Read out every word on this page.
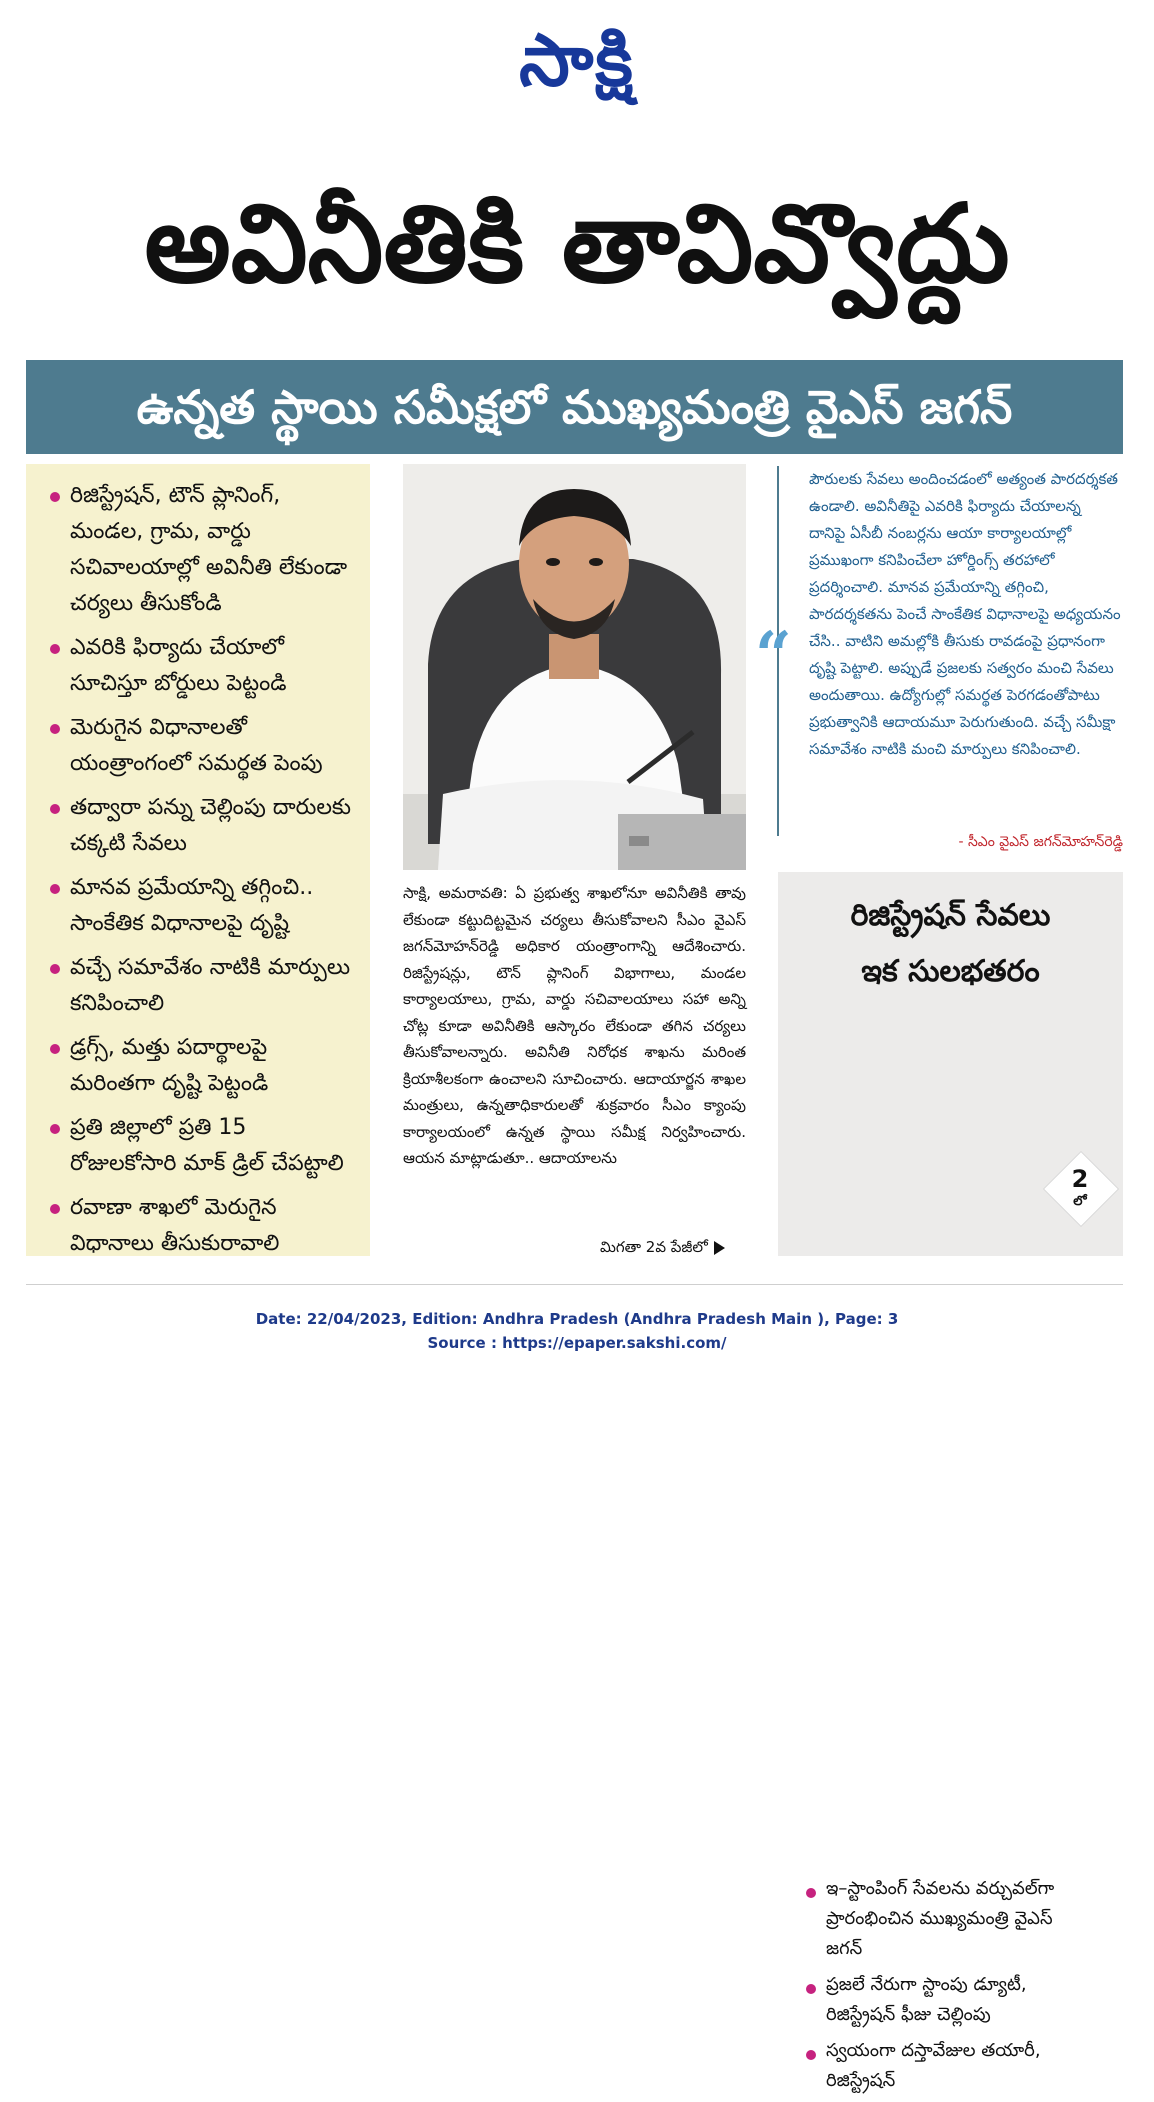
సాక్షి
అవినీతికి తావివ్వొద్దు
ఉన్నత స్థాయి సమీక్షలో ముఖ్యమంత్రి వైఎస్ జగన్
రిజిస్ట్రేషన్, టౌన్ ప్లానింగ్, మండల, గ్రామ, వార్డు సచివాలయాల్లో అవినీతి లేకుండా చర్యలు తీసుకోండి
ఎవరికి ఫిర్యాదు చేయాలో సూచిస్తూ బోర్డులు పెట్టండి
మెరుగైన విధానాలతో యంత్రాంగంలో సమర్థత పెంపు
తద్వారా పన్ను చెల్లింపు దారులకు చక్కటి సేవలు
మానవ ప్రమేయాన్ని తగ్గించి.. సాంకేతిక విధానాలపై దృష్టి
వచ్చే సమావేశం నాటికి మార్పులు కనిపించాలి
డ్రగ్స్, మత్తు పదార్థాలపై మరింతగా దృష్టి పెట్టండి
ప్రతి జిల్లాలో ప్రతి 15 రోజులకోసారి మాక్ డ్రిల్ చేపట్టాలి
రవాణా శాఖలో మెరుగైన విధానాలు తీసుకురావాలి
“

పౌరులకు సేవలు అందించడంలో అత్యంత పారదర్శకత ఉండాలి. అవినీతిపై ఎవరికి ఫిర్యాదు చేయాలన్న దానిపై ఏసీబీ నంబర్లను ఆయా కార్యాలయాల్లో ప్రముఖంగా కనిపించేలా హోర్డింగ్స్ తరహాలో ప్రదర్శించాలి. మానవ ప్రమేయాన్ని తగ్గించి, పారదర్శకతను పెంచే సాంకేతిక విధానాలపై అధ్యయనం చేసి.. వాటిని అమల్లోకి తీసుకు రావడంపై ప్రధానంగా దృష్టి పెట్టాలి. అప్పుడే ప్రజలకు సత్వరం మంచి సేవలు అందుతాయి. ఉద్యోగుల్లో సమర్థత పెరగడంతోపాటు ప్రభుత్వానికి ఆదాయమూ పెరుగుతుంది. వచ్చే సమీక్షా సమావేశం నాటికి మంచి మార్పులు కనిపించాలి.

- సీఎం వైఎస్ జగన్‌మోహన్‌రెడ్డి

సాక్షి, అమరావతి: ఏ ప్రభుత్వ శాఖలోనూ అవినీతికి తావు లేకుండా కట్టుదిట్టమైన చర్యలు తీసుకోవాలని సీఎం వైఎస్ జగన్‌మోహన్‌రెడ్డి అధికార యంత్రాంగాన్ని ఆదేశించారు. రిజిస్ట్రేషన్లు, టౌన్ ప్లానింగ్ విభాగాలు, మండల కార్యాలయాలు, గ్రామ, వార్డు సచివాలయాలు సహా అన్ని చోట్ల కూడా అవినీతికి ఆస్కారం లేకుండా తగిన చర్యలు తీసుకోవాలన్నారు. అవినీతి నిరోధక శాఖను మరింత క్రియాశీలకంగా ఉంచాలని సూచించారు. ఆదాయార్జన శాఖల మంత్రులు, ఉన్నతాధికారులతో శుక్రవారం సీఎం క్యాంపు కార్యాలయంలో ఉన్నత స్థాయి సమీక్ష నిర్వహించారు. ఆయన మాట్లాడుతూ.. ఆదాయాలను

మిగతా 2వ పేజీలో
రిజిస్ట్రేషన్ సేవలు
ఇక సులభతరం
ఇ–స్టాంపింగ్ సేవలను వర్చువల్‌గా ప్రారంభించిన ముఖ్యమంత్రి వైఎస్ జగన్
ప్రజలే నేరుగా స్టాంపు డ్యూటీ, రిజిస్ట్రేషన్ ఫీజు చెల్లింపు
స్వయంగా దస్తావేజుల తయారీ, రిజిస్ట్రేషన్
2
లో
Date: 22/04/2023, Edition: Andhra Pradesh (Andhra Pradesh Main ), Page: 3
Source : https://epaper.sakshi.com/
